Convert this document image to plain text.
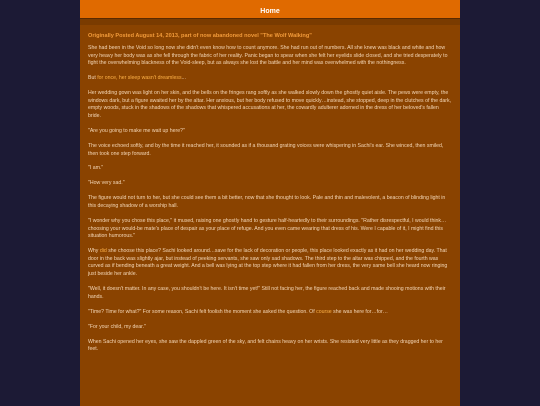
Home
Originally Posted August 14, 2013, part of now abandoned novel "The Wolf Walking"

She had been in the Void so long now she didn't even know how to count anymore. She had run out of numbers. All she knew was black and white and how very heavy her body was as she fell through the fabric of her reality. Panic began to spear when she felt her eyelids slide closed, and she tried desperately to fight the overwhelming blackness of the Void-sleep, but as always she lost the battle and her mind was overwhelmed with the nothingness.

But for once, her sleep wasn't dreamless...

Her wedding gown was light on her skin, and the bells on the fringes rang softly as she walked slowly down the ghostly quiet aisle. The pews were empty, the windows dark, but a figure awaited her by the altar. Her anxious, but her body refused to move quickly…instead, she stopped, deep in the clutches of the dark, empty woods, stuck in the shadows of the shadows that whispered accusations at her, the cowardly adulterer adorned in the dress of her beloved's fallen bride.

"Are you going to make me wait up here?"

The voice echoed softly, and by the time it reached her, it sounded as if a thousand grating voices were whispering in Sachi's ear. She winced, then smiled, then took one step forward.

"I am."

"How very sad."

The figure would not turn to her, but she could see them a bit better, now that she thought to look. Pale and thin and malevolent, a beacon of blinding light in this decaying shadow of a worship hall.

"I wonder why you chose this place," it mused, raising one ghostly hand to gesture half-heartedly to their surroundings. "Rather disrespectful, I would think…choosing your would-be mate's place of despair as your place of refuge. And you even came wearing that dress of his. Were I capable of it, I might find this situation humorous."

Why did she choose this place? Sachi looked around…save for the lack of decoration or people, this place looked exactly as it had on her wedding day. That door in the back was slightly ajar, but instead of peeking servants, she saw only sad shadows. The third step to the altar was chipped, and the fourth was curved as if bending beneath a great weight. And a bell was lying at the top step where it had fallen from her dress, the very same bell she heard now ringing just beside her ankle.

"Well, it doesn't matter. In any case, you shouldn't be here. It isn't time yet!" Still not facing her, the figure reached back and made shooing motions with their hands.

"Time? Time for what?" For some reason, Sachi felt foolish the moment she asked the question. Of course she was here for…for…

"For your child, my dear."

When Sachi opened her eyes, she saw the dappled green of the sky, and felt chains heavy on her wrists. She resisted very little as they dragged her to her feet.
